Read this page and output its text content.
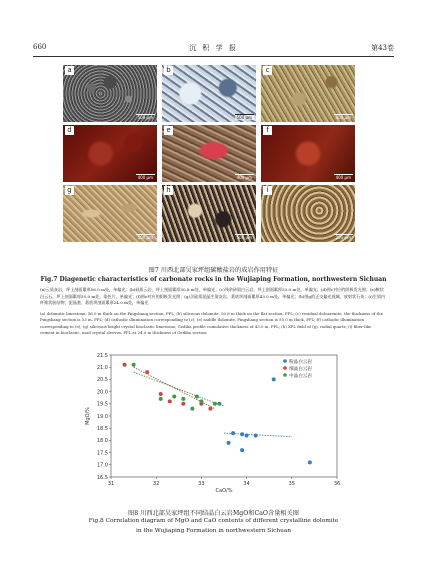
660	沉 积 学 报	第43卷
a
500 μm
b
500 μm
c
400 μm
d
400 μm
e
400 μm
f
400 μm
g
500 μm
h
500 μm
i
200 μm
图7 川西北部吴家坪组碳酸盐岩的成岩作用特征
Fig.7 Diagenetic characteristics of carbonate rocks in the Wujiaping Formation, northwestern Sichuan
(a)云质灰岩，坪上剖面累厚56.0 m处，单偏光；(b)硅质云岩，坪上剖面累厚50.8 m处，单偏光；(c)残余砂屑白云岩，坪上剖面累厚53.0 m处，单偏光；(d)图c对应的阴极发光照；(e)鞍状白云石，坪上剖面累厚55.0 m处，染色片，单偏光；(f)图e对应的阴极发光照；(g)含硅质泥晶生屑灰岩，葛底坝剖面累厚43.0 m处，单偏光；(h)图g的正交偏光视域，放射状石英；(i)生屑内纤维状胶结物，泥晶套，葛底坝剖面累厚24.0 m处，单偏光
(a) dolomitic limestone, 56.0 m thick on the Pingshang section, PPL; (b) siliceous dolomite, 50.8 m thick on the flat section, PPL; (c) residual doloarenite, the thickness of the Pingshang section is 53 m, PPL; (d) cathodic illumination corresponding to (c); (e) saddle dolomite, Pingshang section is 55.0 m thick, PPL; (f) cathodic illumination corresponding to (e); (g) siliceous bright crystal bioclastic limestone, Gediba profile cumulative thickness of 43.0 m, PPL; (h) XPL field of (g), radial quartz; (i) fiber-like cement in bioclastic, mud crystal sleeves, PPL at 24.0 m thickness of Gediba section
31	32	33	34	35	36
16.5
17.0
17.5
18.0
18.5
19.0
19.5
20.0
20.5
21.0
21.5
CaO/%
MgO/%
粉晶白云岩
细晶白云岩
中晶白云岩
图8 川西北部吴家坪组不同结晶白云岩MgO和CaO含量相关图
Fig.8 Correlation diagram of MgO and CaO contents of different crystalline dolomite
in the Wujiaping Formation in northwestern Sichuan
